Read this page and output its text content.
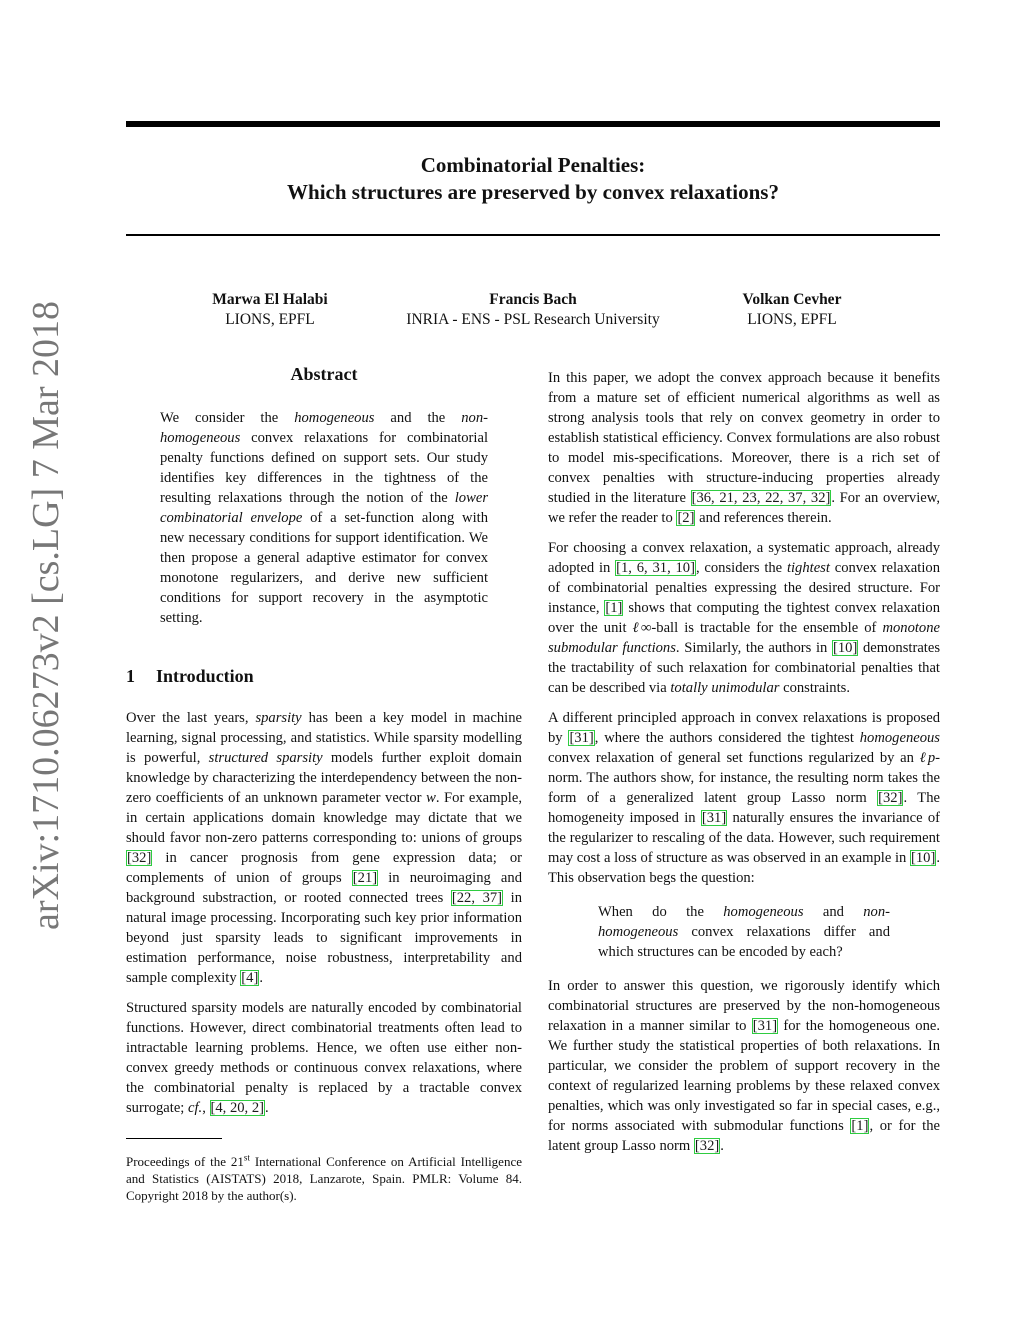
Combinatorial Penalties:
Which structures are preserved by convex relaxations?
Marwa El Halabi
LIONS, EPFL
Francis Bach
INRIA - ENS - PSL Research University
Volkan Cevher
LIONS, EPFL
arXiv:1710.06273v2 [cs.LG] 7 Mar 2018	Abstract
We consider the homogeneous and the non-homogeneous convex relaxations for combinatorial penalty functions defined on support sets. Our study identifies key differences in the tightness of the resulting relaxations through the notion of the lower combinatorial envelope of a set-function along with new necessary conditions for support identification. We then propose a general adaptive estimator for convex monotone regularizers, and derive new sufficient conditions for support recovery in the asymptotic setting.
1 Introduction

Over the last years, sparsity has been a key model in machine learning, signal processing, and statistics. While sparsity modelling is powerful, structured sparsity models further exploit domain knowledge by characterizing the interdependency between the non-zero coefficients of an unknown parameter vector w. For example, in certain applications domain knowledge may dictate that we should favor non-zero patterns corresponding to: unions of groups [32] in cancer prognosis from gene expression data; or complements of union of groups [21] in neuroimaging and background substraction, or rooted connected trees [22, 37] in natural image processing. Incorporating such key prior information beyond just sparsity leads to significant improvements in estimation performance, noise robustness, interpretability and sample complexity [4].

Structured sparsity models are naturally encoded by combinatorial functions. However, direct combinatorial treatments often lead to intractable learning problems. Hence, we often use either non-convex greedy methods or continuous convex relaxations, where the combinatorial penalty is replaced by a tractable convex surrogate; cf., [4, 20, 2].

Proceedings of the 21st International Conference on Artificial Intelligence and Statistics (AISTATS) 2018, Lanzarote, Spain. PMLR: Volume 84. Copyright 2018 by the author(s).

In this paper, we adopt the convex approach because it benefits from a mature set of efficient numerical algorithms as well as strong analysis tools that rely on convex geometry in order to establish statistical efficiency. Convex formulations are also robust to model mis-specifications. Moreover, there is a rich set of convex penalties with structure-inducing properties already studied in the literature [36, 21, 23, 22, 37, 32]. For an overview, we refer the reader to [2] and references therein.

For choosing a convex relaxation, a systematic approach, already adopted in [1, 6, 31, 10], considers the tightest convex relaxation of combinatorial penalties expressing the desired structure. For instance, [1] shows that computing the tightest convex relaxation over the unit ℓ∞-ball is tractable for the ensemble of monotone submodular functions. Similarly, the authors in [10] demonstrates the tractability of such relaxation for combinatorial penalties that can be described via totally unimodular constraints.

A different principled approach in convex relaxations is proposed by [31], where the authors considered the tightest homogeneous convex relaxation of general set functions regularized by an ℓp-norm. The authors show, for instance, the resulting norm takes the form of a generalized latent group Lasso norm [32]. The homogeneity imposed in [31] naturally ensures the invariance of the regularizer to rescaling of the data. However, such requirement may cost a loss of structure as was observed in an example in [10]. This observation begs the question:

When do the homogeneous and non-homogeneous convex relaxations differ and which structures can be encoded by each?

In order to answer this question, we rigorously identify which combinatorial structures are preserved by the non-homogeneous relaxation in a manner similar to [31] for the homogeneous one. We further study the statistical properties of both relaxations. In particular, we consider the problem of support recovery in the context of regularized learning problems by these relaxed convex penalties, which was only investigated so far in special cases, e.g., for norms associated with submodular functions [1], or for the latent group Lasso norm [32].
